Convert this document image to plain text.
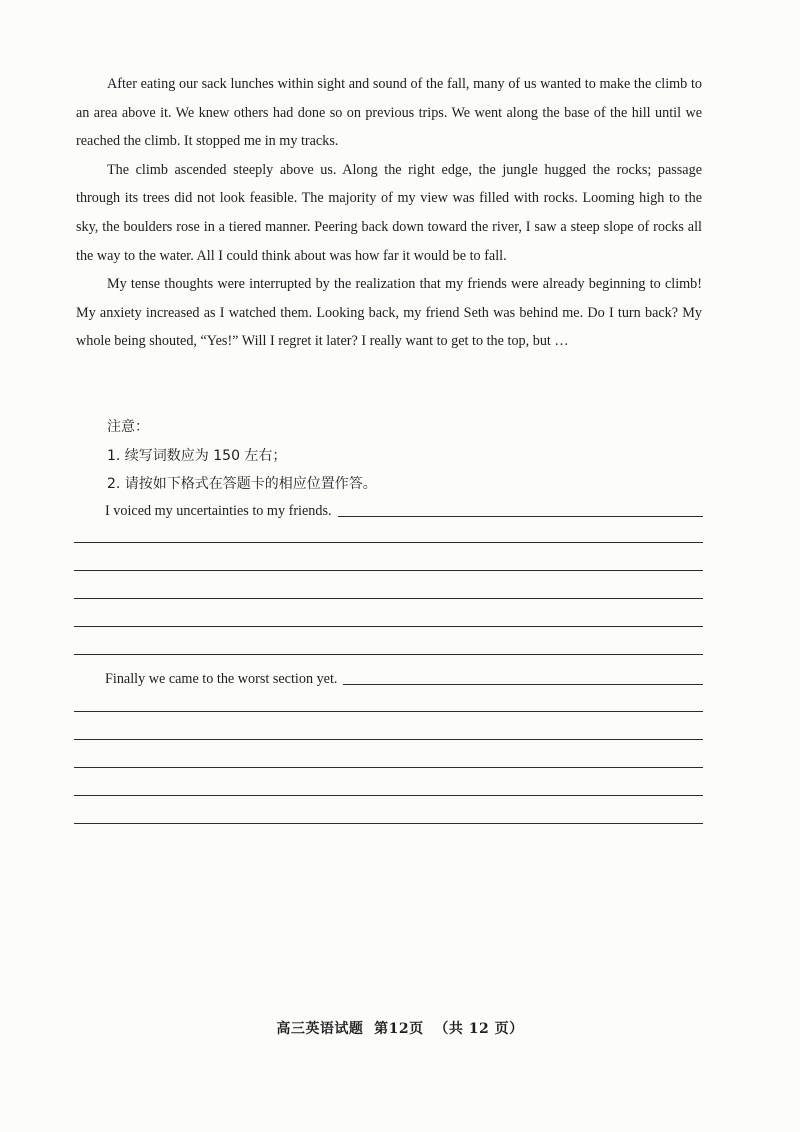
After eating our sack lunches within sight and sound of the fall, many of us wanted to make the climb to an area above it. We knew others had done so on previous trips. We went along the base of the hill until we reached the climb. It stopped me in my tracks.

The climb ascended steeply above us. Along the right edge, the jungle hugged the rocks; passage through its trees did not look feasible. The majority of my view was filled with rocks. Looming high to the sky, the boulders rose in a tiered manner. Peering back down toward the river, I saw a steep slope of rocks all the way to the water. All I could think about was how far it would be to fall.

My tense thoughts were interrupted by the realization that my friends were already beginning to climb! My anxiety increased as I watched them. Looking back, my friend Seth was behind me. Do I turn back? My whole being shouted, “Yes!” Will I regret it later? I really want to get to the top, but …

注意：

1. 续写词数应为 150 左右；

2. 请按如下格式在答题卡的相应位置作答。

I voiced my uncertainties to my friends.
Finally we came to the worst section yet.
高三英语试题  第12页  （共 12 页）
